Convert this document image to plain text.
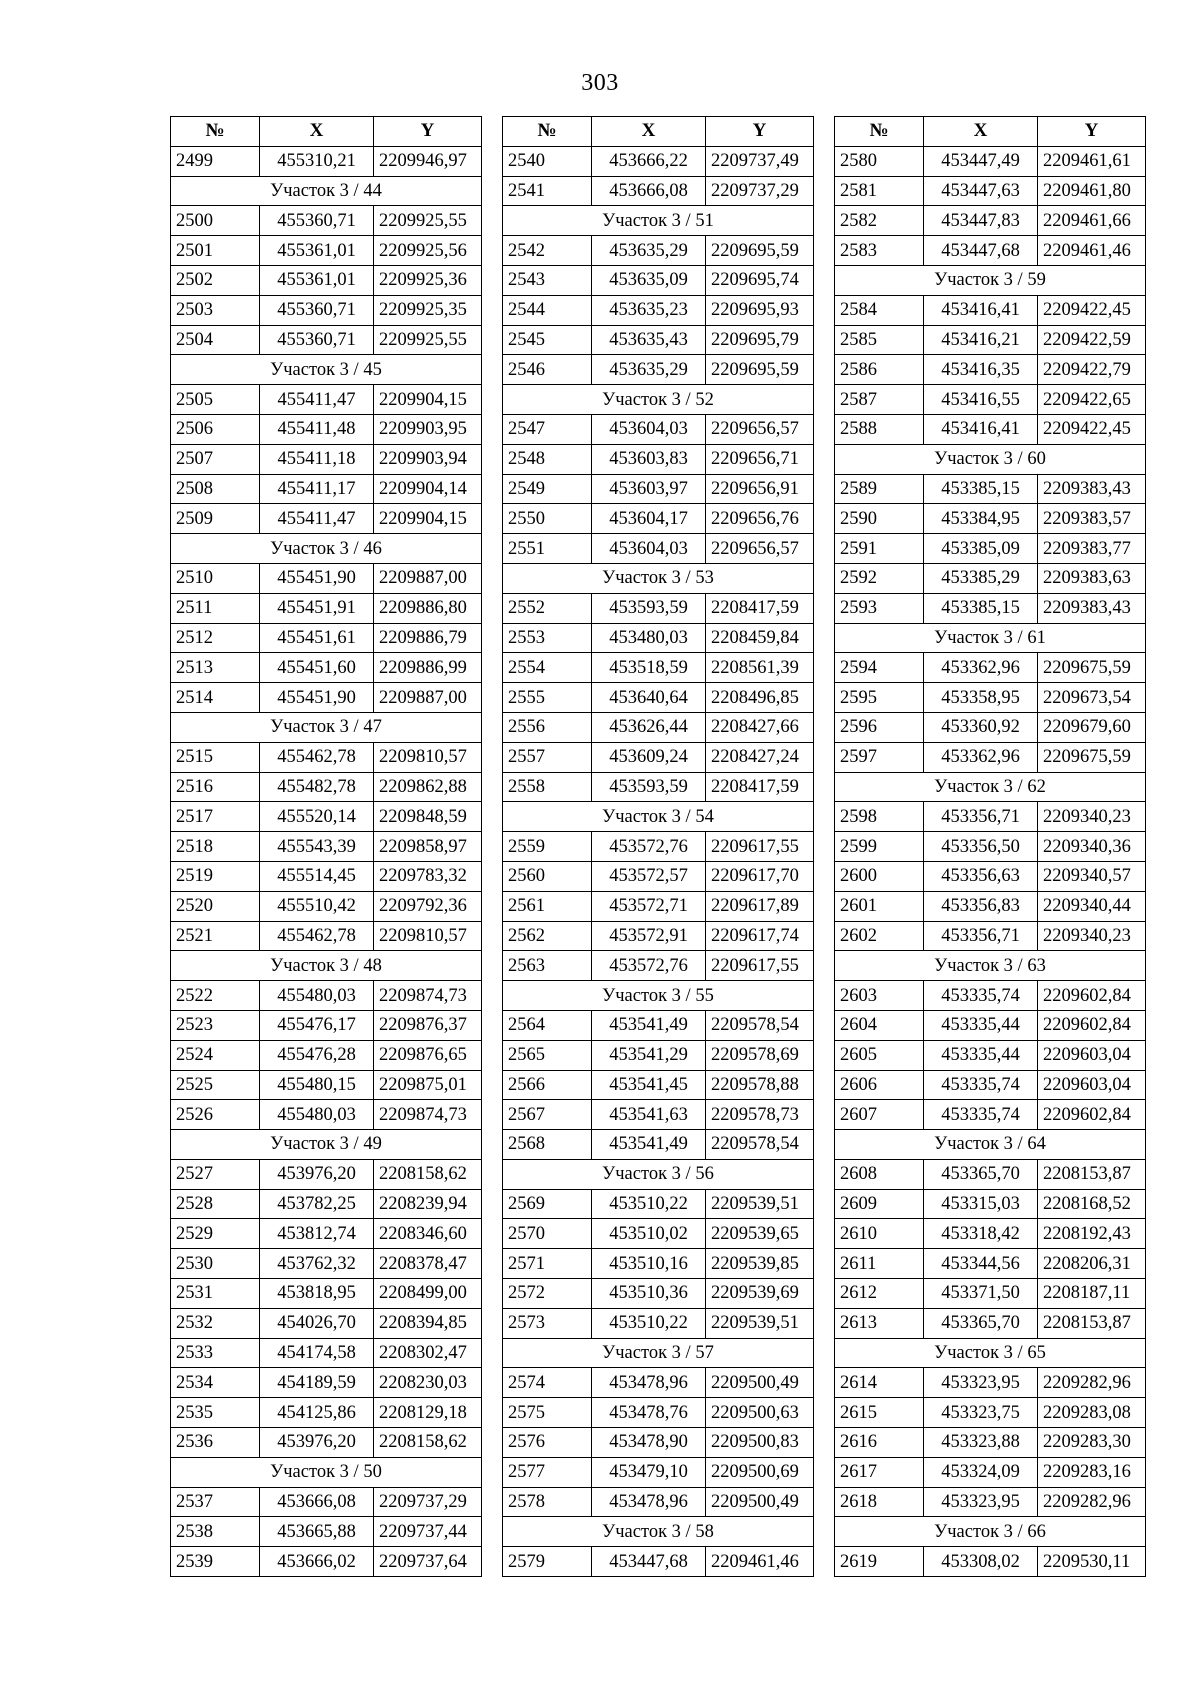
303
№	X	Y
2499	455310,21	2209946,97
Участок 3 / 44		
2500	455360,71	2209925,55
2501	455361,01	2209925,56
2502	455361,01	2209925,36
2503	455360,71	2209925,35
2504	455360,71	2209925,55
Участок 3 / 45		
2505	455411,47	2209904,15
2506	455411,48	2209903,95
2507	455411,18	2209903,94
2508	455411,17	2209904,14
2509	455411,47	2209904,15
Участок 3 / 46		
2510	455451,90	2209887,00
2511	455451,91	2209886,80
2512	455451,61	2209886,79
2513	455451,60	2209886,99
2514	455451,90	2209887,00
Участок 3 / 47		
2515	455462,78	2209810,57
2516	455482,78	2209862,88
2517	455520,14	2209848,59
2518	455543,39	2209858,97
2519	455514,45	2209783,32
2520	455510,42	2209792,36
2521	455462,78	2209810,57
Участок 3 / 48		
2522	455480,03	2209874,73
2523	455476,17	2209876,37
2524	455476,28	2209876,65
2525	455480,15	2209875,01
2526	455480,03	2209874,73
Участок 3 / 49		
2527	453976,20	2208158,62
2528	453782,25	2208239,94
2529	453812,74	2208346,60
2530	453762,32	2208378,47
2531	453818,95	2208499,00
2532	454026,70	2208394,85
2533	454174,58	2208302,47
2534	454189,59	2208230,03
2535	454125,86	2208129,18
2536	453976,20	2208158,62
Участок 3 / 50		
2537	453666,08	2209737,29
2538	453665,88	2209737,44
2539	453666,02	2209737,64
№	X	Y
2540	453666,22	2209737,49
2541	453666,08	2209737,29
Участок 3 / 51		
2542	453635,29	2209695,59
2543	453635,09	2209695,74
2544	453635,23	2209695,93
2545	453635,43	2209695,79
2546	453635,29	2209695,59
Участок 3 / 52		
2547	453604,03	2209656,57
2548	453603,83	2209656,71
2549	453603,97	2209656,91
2550	453604,17	2209656,76
2551	453604,03	2209656,57
Участок 3 / 53		
2552	453593,59	2208417,59
2553	453480,03	2208459,84
2554	453518,59	2208561,39
2555	453640,64	2208496,85
2556	453626,44	2208427,66
2557	453609,24	2208427,24
2558	453593,59	2208417,59
Участок 3 / 54		
2559	453572,76	2209617,55
2560	453572,57	2209617,70
2561	453572,71	2209617,89
2562	453572,91	2209617,74
2563	453572,76	2209617,55
Участок 3 / 55		
2564	453541,49	2209578,54
2565	453541,29	2209578,69
2566	453541,45	2209578,88
2567	453541,63	2209578,73
2568	453541,49	2209578,54
Участок 3 / 56		
2569	453510,22	2209539,51
2570	453510,02	2209539,65
2571	453510,16	2209539,85
2572	453510,36	2209539,69
2573	453510,22	2209539,51
Участок 3 / 57		
2574	453478,96	2209500,49
2575	453478,76	2209500,63
2576	453478,90	2209500,83
2577	453479,10	2209500,69
2578	453478,96	2209500,49
Участок 3 / 58		
2579	453447,68	2209461,46
№	X	Y
2580	453447,49	2209461,61
2581	453447,63	2209461,80
2582	453447,83	2209461,66
2583	453447,68	2209461,46
Участок 3 / 59		
2584	453416,41	2209422,45
2585	453416,21	2209422,59
2586	453416,35	2209422,79
2587	453416,55	2209422,65
2588	453416,41	2209422,45
Участок 3 / 60		
2589	453385,15	2209383,43
2590	453384,95	2209383,57
2591	453385,09	2209383,77
2592	453385,29	2209383,63
2593	453385,15	2209383,43
Участок 3 / 61		
2594	453362,96	2209675,59
2595	453358,95	2209673,54
2596	453360,92	2209679,60
2597	453362,96	2209675,59
Участок 3 / 62		
2598	453356,71	2209340,23
2599	453356,50	2209340,36
2600	453356,63	2209340,57
2601	453356,83	2209340,44
2602	453356,71	2209340,23
Участок 3 / 63		
2603	453335,74	2209602,84
2604	453335,44	2209602,84
2605	453335,44	2209603,04
2606	453335,74	2209603,04
2607	453335,74	2209602,84
Участок 3 / 64		
2608	453365,70	2208153,87
2609	453315,03	2208168,52
2610	453318,42	2208192,43
2611	453344,56	2208206,31
2612	453371,50	2208187,11
2613	453365,70	2208153,87
Участок 3 / 65		
2614	453323,95	2209282,96
2615	453323,75	2209283,08
2616	453323,88	2209283,30
2617	453324,09	2209283,16
2618	453323,95	2209282,96
Участок 3 / 66		
2619	453308,02	2209530,11
